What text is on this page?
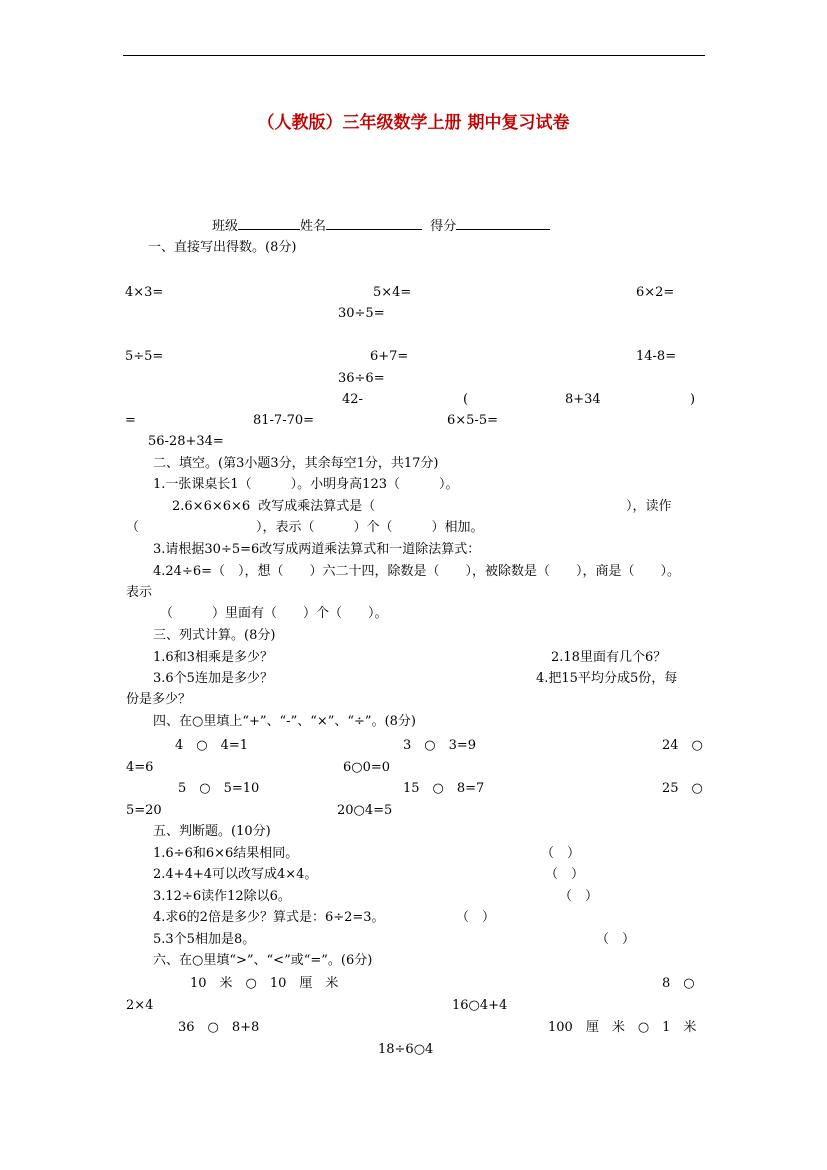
（人教版）三年级数学上册 期中复习试卷
班级	姓名	得分
一、直接写出得数。(8分)
4×3=	5×4=	6×2=
30÷5=
5÷5=	6+7=	14-8=
36÷6=
42-	(	8+34	)
=	81-7-70=	6×5-5=
56-28+34=
二、填空。(第3小题3分，其余每空1分，共17分)
1.一张课桌长1（　　　）。小明身高123（　　　）。
2.6×6×6×6 改写成乘法算式是（	），读作
（　　　　　　　　　），表示（　　　）个（　　　）相加。
3.请根据30÷5=6改写成两道乘法算式和一道除法算式：
4.24÷6=（　），想（　　）六二十四，除数是（　　），被除数是（　　），商是（　　）。
表示
（　　　）里面有（　　）个（　　）。
三、列式计算。(8分)
1.6和3相乘是多少？	2.18里面有几个6？
3.6个5连加是多少？	4.把15平均分成5份，每
份是多少？
四、在○里填上“+”、“-”、“×”、“÷”。(8分)
4　○　4=1	3　○　3=9	24　○
4=6	6○0=0
5　○　5=10	15　○　8=7	25　○
5=20	20○4=5
五、判断题。(10分)
1.6÷6和6×6结果相同。	（　）
2.4+4+4可以改写成4×4。	（　）
3.12÷6读作12除以6。	（　）
4.求6的2倍是多少？算式是：6÷2=3。	（　）
5.3个5相加是8。	（　）
六、在○里填“>”、“<”或“=”。(6分)
10　米　○　10　厘　米	8　○
2×4	16○4+4
36　○　8+8	100　厘　米　○　1　米
18÷6○4
